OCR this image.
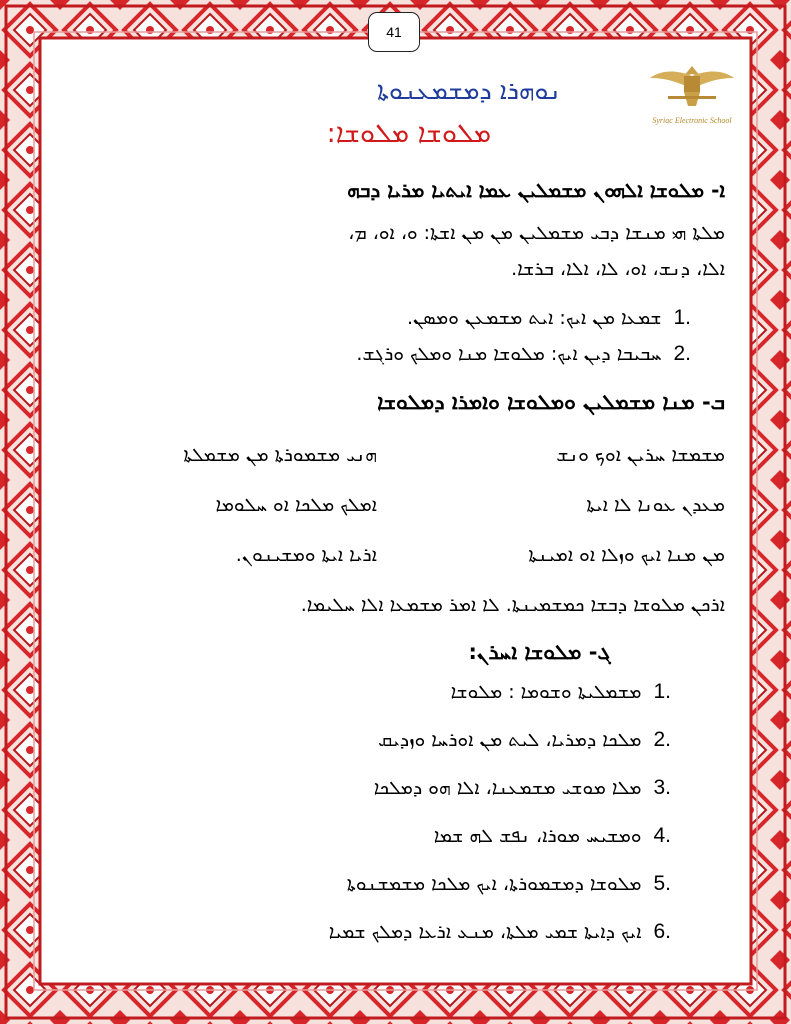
41
Syriac Electronic School
ܢܘܗܪܐ ܕܡܫܡܥܢܘܬܐ
ܡܠܘܫܐ ܡܠܘܫܐ:
ܐ- ܡܠܘܫܐ ܐܠܗܘܢ ܡܫܡܠܝܢ ܥܡܐ ܐܝܬܝܐ ܡܪܝܐ ܕܒܗ
ܡܠܬܐ ܗܝ ܡܢܫܐ ܕܒܝ ܡܫܡܠܝܢ ܡܢ ܡܢ ܐܫܬܐ: ܘ، ܐܘ، ܡ،
ܐܠܐ، ܕܢܫ، ܐܘ، ܠܐ، ܐܠܐ، ܒܪܫܐ.
1.ܫܡܥܐ ܡܢ ܐܝܟ: ܐܝܬ ܡܫܡܥܢ ܘܡܣܢ.
2.ܚܒܝܒܐ ܕܝܢ ܐܝܟ: ܡܠܘܫܐ ܡܢܐ ܘܡܠܟ ܘܪܓܫ.
ܒ- ܡܢܐ ܡܫܡܠܝܢ ܘܡܠܘܫܐ ܘܐܡܪܐ ܕܡܠܘܫܐ
ܡܫܡܫܐ ܚܪܝܢ ܐܘܟ ܘܢܫ
ܗܢܝ ܡܫܡܘܪܬܐ ܡܢ ܡܫܡܠܬܐ
ܡܥܕܢ ܥܘܢܐ ܠܐ ܐܝܬܐ
ܐܡܠܟ ܡܠܟܐ ܐܘ ܚܠܘܡܐ
ܡܢ ܡܢܐ ܐܝܟ ܘܙܠܐ ܐܘ ܐܡܝܢܬܐ
ܐܪܝܐ ܐܝܬܐ ܘܡܫܝܢܘܢ.
ܐܪܟܢ ܡܠܘܫܐ ܕܒܫܐ ܟܡܫܡܝܢܬܐ. ܠܐ ܐܡܪ ܡܫܡܥܐ ܐܠܐ ܚܠܝܡܐ.
ܓ- ܡܠܘܫܐ ܐܚܪܢ:
1.ܡܫܡܠܝܬܐ ܘܫܘܡܐ : ܡܠܘܫܐ
2.ܡܠܟܐ ܕܡܪܝܐ، ܠܝܬ ܡܢ ܐܘܪܚܐ ܘܙܕܝܩ
3.ܡܠܐ ܡܘܫܝ ܡܫܡܥܢܐ، ܐܠܐ ܗܘ ܕܡܠܟܐ
4.ܘܡܫܝܚ ܡܘܪܐ، ܢܦܫ ܠܗ ܫܡܐ
5.ܡܠܘܫܐ ܕܡܫܡܘܪܬܐ، ܐܝܟ ܡܠܟܐ ܡܫܡܫܢܘܬܐ
6.ܐܝܟ ܕܐܝܬܐ ܫܡܝ ܡܠܬܐ، ܡܢܥ ܐܪܥܐ ܕܡܠܟ ܫܡܝܐ
